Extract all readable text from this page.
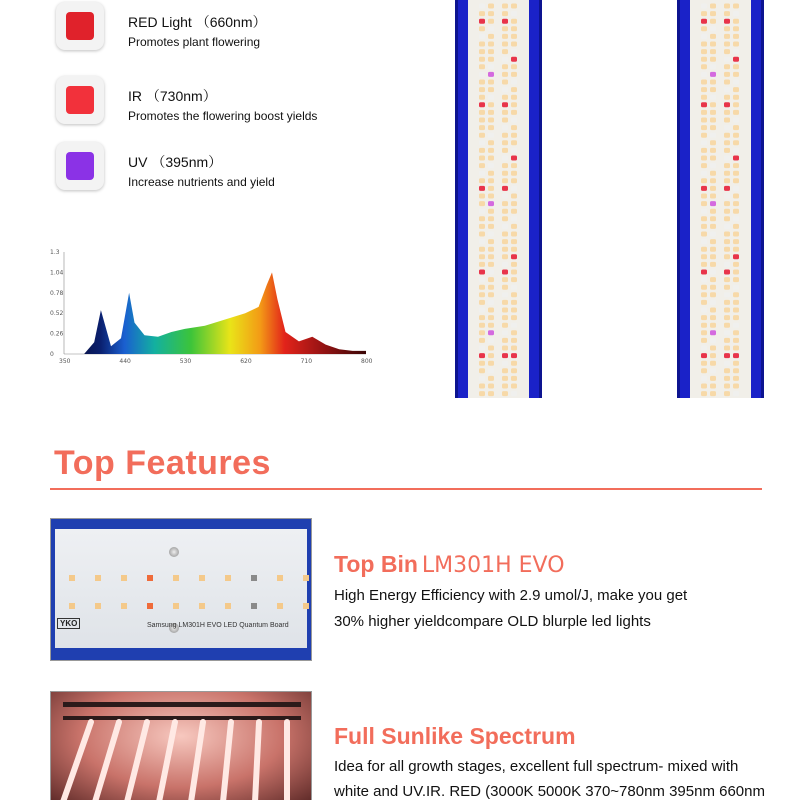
RED Light （660nm）
Promotes plant flowering
IR （730nm）
Promotes the flowering boost yields
UV （395nm）
Increase nutrients and yield
0
0.26
0.52
0.78
1.04
1.3
350	440	530	620	710	800
Top Features
YKO	Samsung LM301H EVO LED Quantum Board
Top Bin LM301H EVO
High Energy Efficiency with 2.9 umol/J, make you get
30% higher yieldcompare OLD blurple led lights
Full Sunlike Spectrum
Idea for all growth stages, excellent full spectrum- mixed with
white and UV.IR. RED (3000K 5000K 370~780nm 395nm 660nm
